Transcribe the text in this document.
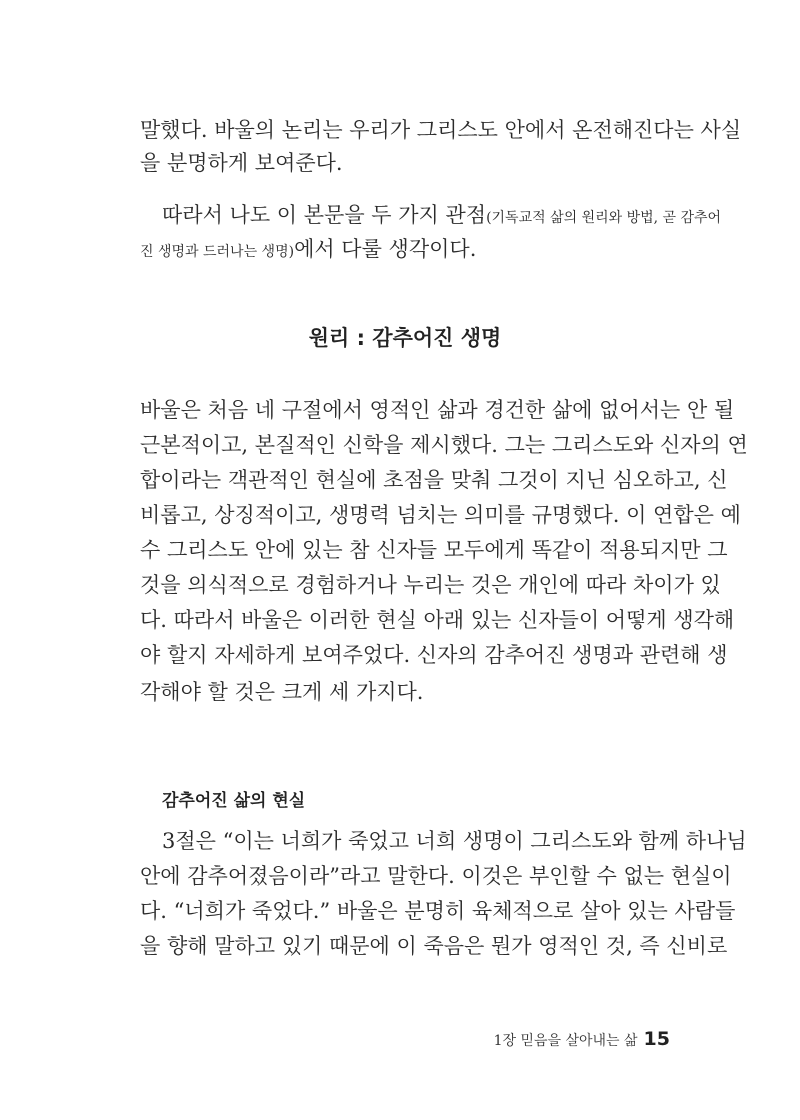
말했다. 바울의 논리는 우리가 그리스도 안에서 온전해진다는 사실
을 분명하게 보여준다.
따라서 나도 이 본문을 두 가지 관점(기독교적 삶의 원리와 방법, 곧 감추어
진 생명과 드러나는 생명)에서 다룰 생각이다.
원리 : 감추어진 생명
바울은 처음 네 구절에서 영적인 삶과 경건한 삶에 없어서는 안 될
근본적이고, 본질적인 신학을 제시했다. 그는 그리스도와 신자의 연
합이라는 객관적인 현실에 초점을 맞춰 그것이 지닌 심오하고, 신
비롭고, 상징적이고, 생명력 넘치는 의미를 규명했다. 이 연합은 예
수 그리스도 안에 있는 참 신자들 모두에게 똑같이 적용되지만 그
것을 의식적으로 경험하거나 누리는 것은 개인에 따라 차이가 있
다. 따라서 바울은 이러한 현실 아래 있는 신자들이 어떻게 생각해
야 할지 자세하게 보여주었다. 신자의 감추어진 생명과 관련해 생
각해야 할 것은 크게 세 가지다.
감추어진 삶의 현실
3절은 “이는 너희가 죽었고 너희 생명이 그리스도와 함께 하나님
안에 감추어졌음이라”라고 말한다. 이것은 부인할 수 없는 현실이
다. “너희가 죽었다.” 바울은 분명히 육체적으로 살아 있는 사람들
을 향해 말하고 있기 때문에 이 죽음은 뭔가 영적인 것, 즉 신비로
1장 믿음을 살아내는 삶 15
